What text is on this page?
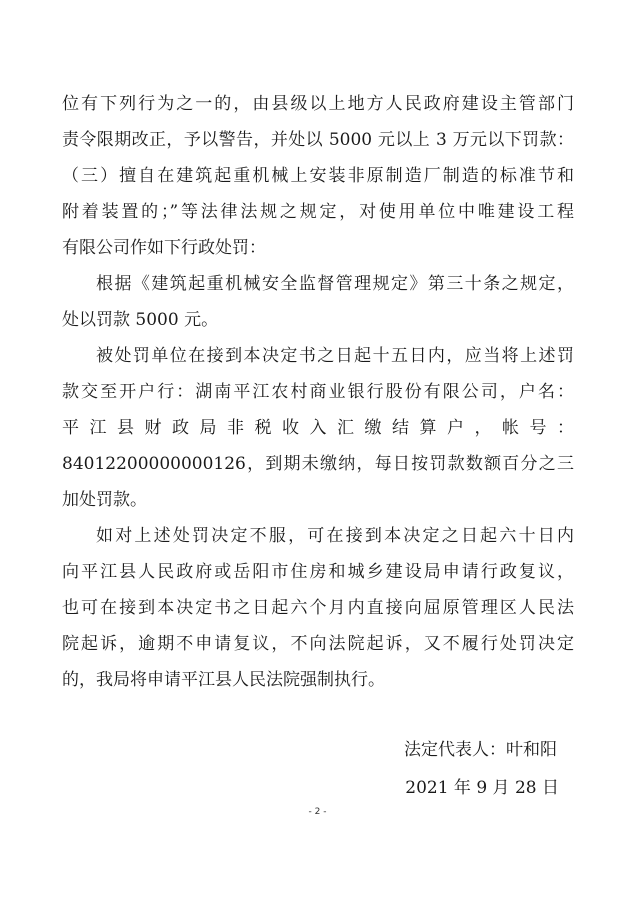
位有下列行为之一的，由县级以上地方人民政府建设主管部门
责令限期改正，予以警告，并处以 5000 元以上 3 万元以下罚款：
（三）擅自在建筑起重机械上安装非原制造厂制造的标准节和
附着装置的；”等法律法规之规定，对使用单位中唯建设工程
有限公司作如下行政处罚：
根据《建筑起重机械安全监督管理规定》第三十条之规定，
处以罚款 5000 元。
被处罚单位在接到本决定书之日起十五日内，应当将上述罚
款交至开户行：湖南平江农村商业银行股份有限公司，户名：
平江县财政局非税收入汇缴结算户，帐号：
84012200000000126，到期未缴纳，每日按罚款数额百分之三
加处罚款。
如对上述处罚决定不服，可在接到本决定之日起六十日内
向平江县人民政府或岳阳市住房和城乡建设局申请行政复议，
也可在接到本决定书之日起六个月内直接向屈原管理区人民法
院起诉，逾期不申请复议，不向法院起诉，又不履行处罚决定
的，我局将申请平江县人民法院强制执行。
法定代表人：叶和阳
2021 年 9 月 28 日
- 2 -
